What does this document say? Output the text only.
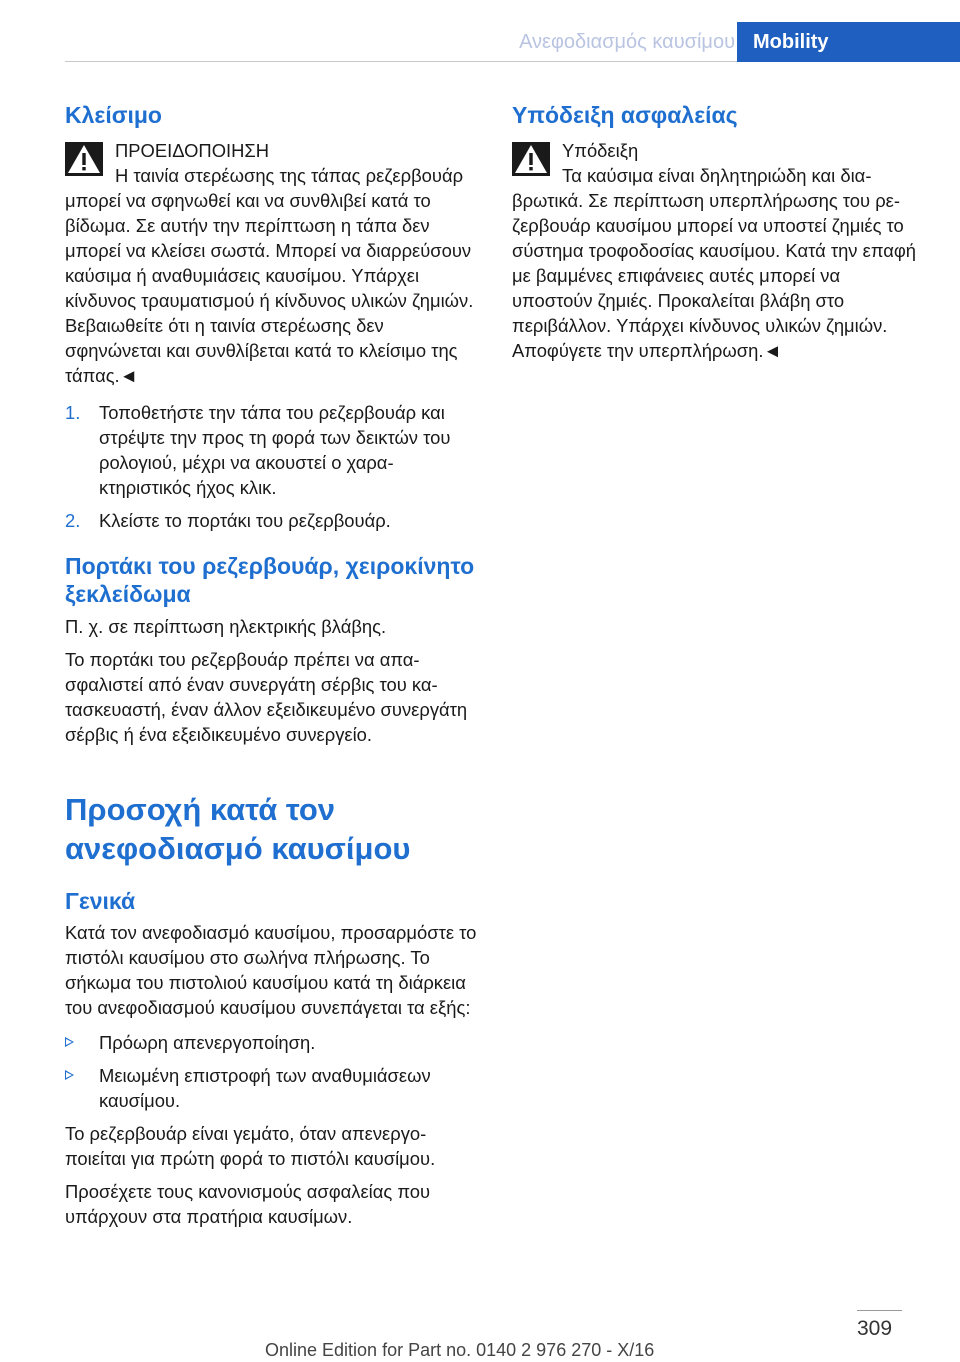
Ανεφοδιασμός καυσίμου Mobility
Κλείσιμο
ΠΡΟΕΙΔΟΠΟΙΗΣΗ
Η ταινία στερέωσης της τάπας ρεζερβουάρ μπορεί να σφηνωθεί και να συνθλιβεί κατά το βίδωμα. Σε αυτήν την περίπτωση η τάπα δεν μπορεί να κλείσει σωστά. Μπορεί να διαρρεύσουν καύσιμα ή αναθυμιάσεις καυσίμου. Υπάρχει κίνδυνος τραυματισμού ή κίνδυνος υλικών ζημιών. Βεβαιωθείτε ότι η ταινία στερέωσης δεν σφηνώνεται και συνθλίβεται κατά το κλείσιμο της τάπας.◄
1. Τοποθετήστε την τάπα του ρεζερβουάρ και στρέψτε την προς τη φορά των δεικτών του ρολογιού, μέχρι να ακουστεί ο χαρακτηριστικός ήχος κλικ.
2. Κλείστε το πορτάκι του ρεζερβουάρ.
Πορτάκι του ρεζερβουάρ, χειροκίνητο ξεκλείδωμα

Π. χ. σε περίπτωση ηλεκτρικής βλάβης.

Το πορτάκι του ρεζερβουάρ πρέπει να απασφαλιστεί από έναν συνεργάτη σέρβις του κατασκευαστή, έναν άλλον εξειδικευμένο συνεργάτη σέρβις ή ένα εξειδικευμένο συνεργείο.

Προσοχή κατά τον ανεφοδιασμό καυσίμου
Γενικά

Κατά τον ανεφοδιασμό καυσίμου, προσαρμόστε το πιστόλι καυσίμου στο σωλήνα πλήρωσης. Το σήκωμα του πιστολιού καυσίμου κατά τη διάρκεια του ανεφοδιασμού καυσίμου συνεπάγεται τα εξής:

Πρόωρη απενεργοποίηση.
Μειωμένη επιστροφή των αναθυμιάσεων καυσίμου.

Το ρεζερβουάρ είναι γεμάτο, όταν απενεργοποιείται για πρώτη φορά το πιστόλι καυσίμου.

Προσέχετε τους κανονισμούς ασφαλείας που υπάρχουν στα πρατήρια καυσίμων.

Υπόδειξη ασφαλείας
Υπόδειξη
Τα καύσιμα είναι δηλητηριώδη και διαβρωτικά. Σε περίπτωση υπερπλήρωσης του ρεζερβουάρ καυσίμου μπορεί να υποστεί ζημιές το σύστημα τροφοδοσίας καυσίμου. Κατά την επαφή με βαμμένες επιφάνειες αυτές μπορεί να υποστούν ζημιές. Προκαλείται βλάβη στο περιβάλλον. Υπάρχει κίνδυνος υλικών ζημιών. Αποφύγετε την υπερπλήρωση.◄
309
Online Edition for Part no. 0140 2 976 270 - X/16
